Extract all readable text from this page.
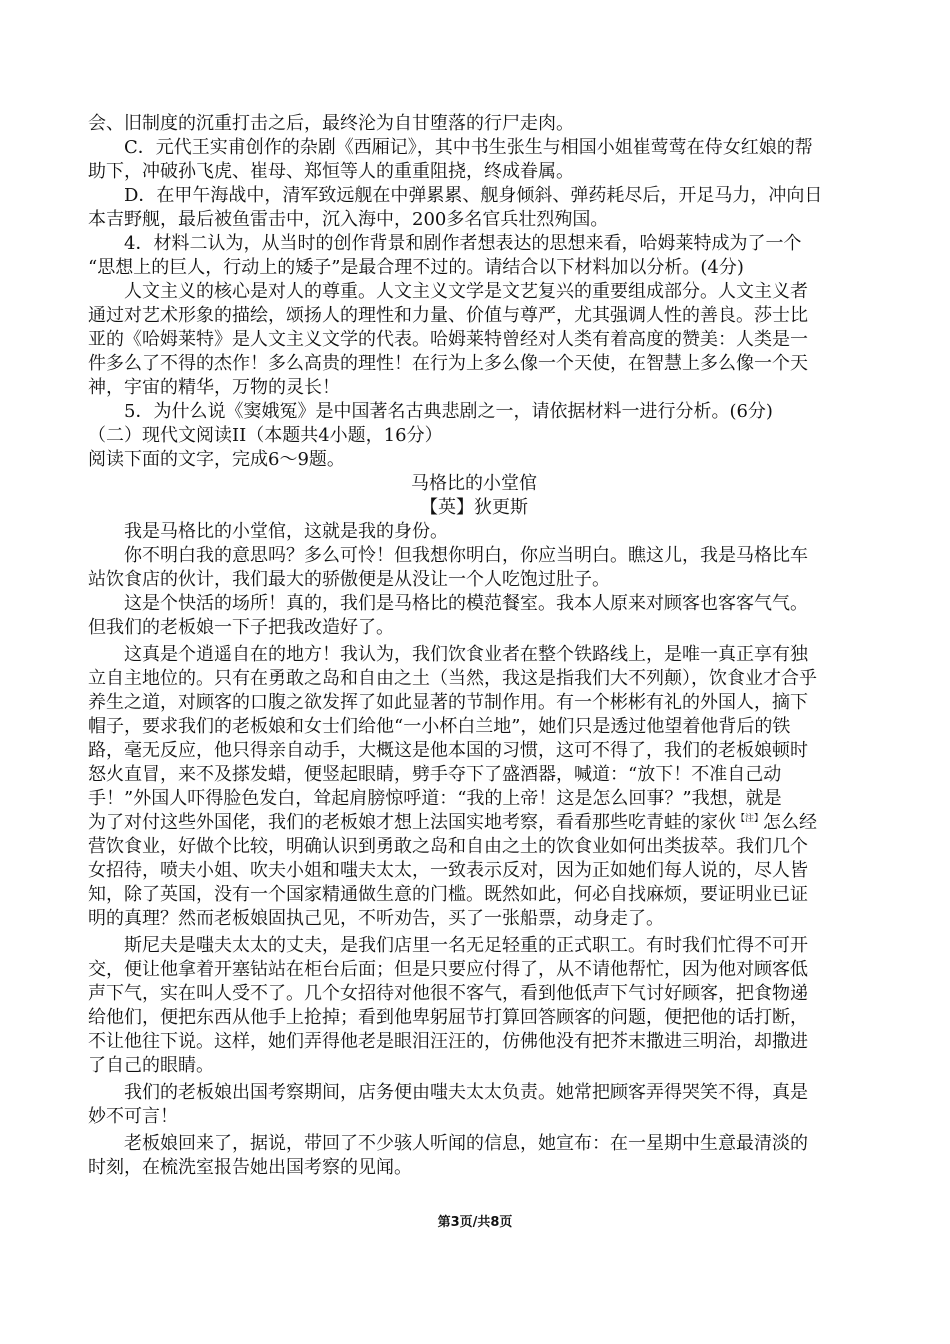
会、旧制度的沉重打击之后，最终沦为自甘堕落的行尸走肉。
C．元代王实甫创作的杂剧《西厢记》，其中书生张生与相国小姐崔莺莺在侍女红娘的帮
助下，冲破孙飞虎、崔母、郑恒等人的重重阻挠，终成眷属。
D．在甲午海战中，清军致远舰在中弹累累、舰身倾斜、弹药耗尽后，开足马力，冲向日
本吉野舰，最后被鱼雷击中，沉入海中，200多名官兵壮烈殉国。
4．材料二认为，从当时的创作背景和剧作者想表达的思想来看，哈姆莱特成为了一个
“思想上的巨人，行动上的矮子”是最合理不过的。请结合以下材料加以分析。(4分)
人文主义的核心是对人的尊重。人文主义文学是文艺复兴的重要组成部分。人文主义者
通过对艺术形象的描绘，颂扬人的理性和力量、价值与尊严，尤其强调人性的善良。莎士比
亚的《哈姆莱特》是人文主义文学的代表。哈姆莱特曾经对人类有着高度的赞美：人类是一
件多么了不得的杰作！多么高贵的理性！在行为上多么像一个天使，在智慧上多么像一个天
神，宇宙的精华，万物的灵长！
5．为什么说《窦娥冤》是中国著名古典悲剧之一，请依据材料一进行分析。(6分)
（二）现代文阅读II（本题共4小题，16分）
阅读下面的文字，完成6～9题。
马格比的小堂倌
【英】狄更斯
我是马格比的小堂倌，这就是我的身份。
你不明白我的意思吗？多么可怜！但我想你明白，你应当明白。瞧这儿，我是马格比车
站饮食店的伙计，我们最大的骄傲便是从没让一个人吃饱过肚子。
这是个快活的场所！真的，我们是马格比的模范餐室。我本人原来对顾客也客客气气。
但我们的老板娘一下子把我改造好了。
这真是个逍遥自在的地方！我认为，我们饮食业者在整个铁路线上，是唯一真正享有独
立自主地位的。只有在勇敢之岛和自由之土（当然，我这是指我们大不列颠），饮食业才合乎
养生之道，对顾客的口腹之欲发挥了如此显著的节制作用。有一个彬彬有礼的外国人，摘下
帽子，要求我们的老板娘和女士们给他“一小杯白兰地”，她们只是透过他望着他背后的铁
路，毫无反应，他只得亲自动手，大概这是他本国的习惯，这可不得了，我们的老板娘顿时
怒火直冒，来不及搽发蜡，便竖起眼睛，劈手夺下了盛酒器，喊道：“放下！不准自己动
手！”外国人吓得脸色发白，耸起肩膀惊呼道：“我的上帝！这是怎么回事？”我想，就是
为了对付这些外国佬，我们的老板娘才想上法国实地考察，看看那些吃青蛙的家伙$^{【注】}$怎么经
营饮食业，好做个比较，明确认识到勇敢之岛和自由之土的饮食业如何出类拔萃。我们几个
女招待，喷夫小姐、吹夫小姐和嗤夫太太，一致表示反对，因为正如她们每人说的，尽人皆
知，除了英国，没有一个国家精通做生意的门槛。既然如此，何必自找麻烦，要证明业已证
明的真理？然而老板娘固执己见，不听劝告，买了一张船票，动身走了。
斯尼夫是嗤夫太太的丈夫，是我们店里一名无足轻重的正式职工。有时我们忙得不可开
交，便让他拿着开塞钻站在柜台后面；但是只要应付得了，从不请他帮忙，因为他对顾客低
声下气，实在叫人受不了。几个女招待对他很不客气，看到他低声下气讨好顾客，把食物递
给他们，便把东西从他手上抢掉；看到他卑躬屈节打算回答顾客的问题，便把他的话打断，
不让他往下说。这样，她们弄得他老是眼泪汪汪的，仿佛他没有把芥末撒进三明治，却撒进
了自己的眼睛。
我们的老板娘出国考察期间，店务便由嗤夫太太负责。她常把顾客弄得哭笑不得，真是
妙不可言！
老板娘回来了，据说，带回了不少骇人听闻的信息，她宣布：在一星期中生意最清淡的
时刻，在梳洗室报告她出国考察的见闻。
第3页/共8页
